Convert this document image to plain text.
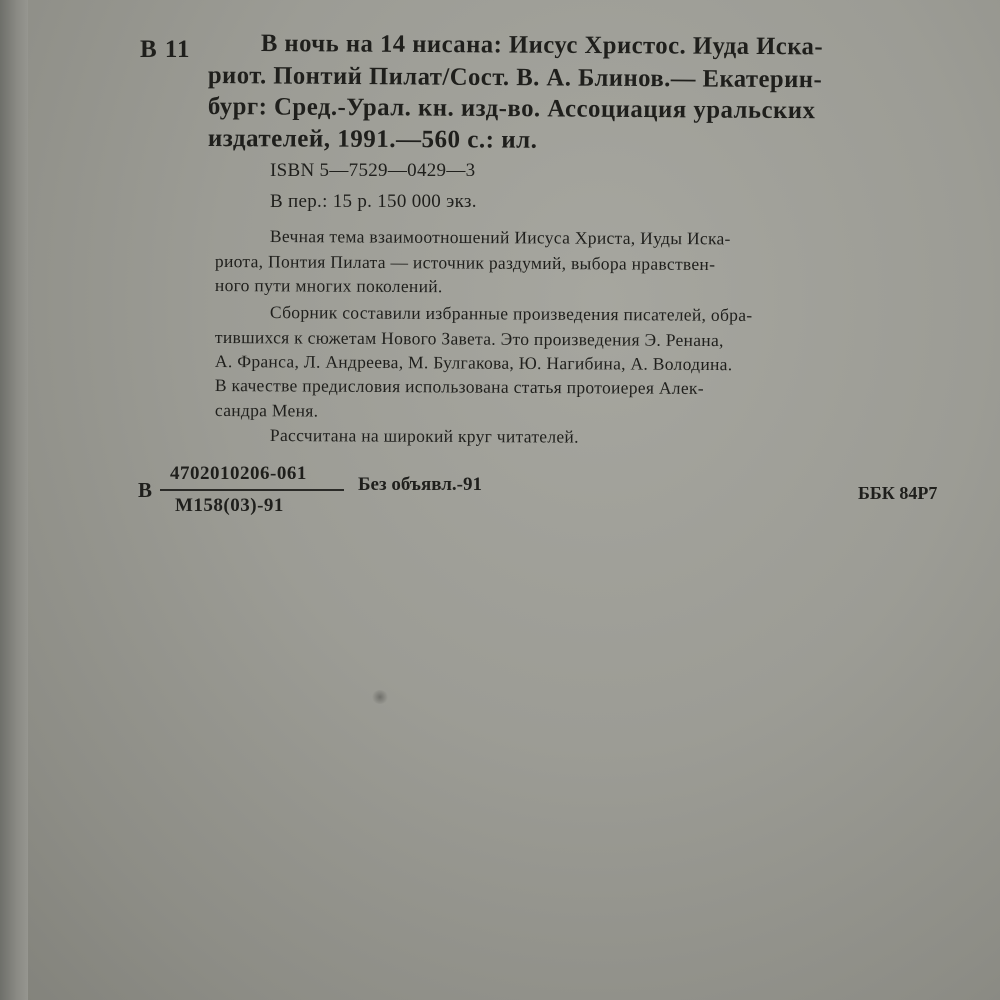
В 11	В ночь на 14 нисана: Иисус Христос. Иуда Иска-
риот. Понтий Пилат/Сост. В. А. Блинов.— Екатерин-
бург: Сред.-Урал. кн. изд-во. Ассоциация уральских
издателей, 1991.—560 с.: ил.
ISBN 5—7529—0429—3
В пер.: 15 р. 150 000 экз.
Вечная тема взаимоотношений Иисуса Христа, Иуды Иска-
риота, Понтия Пилата — источник раздумий, выбора нравствен-
ного пути многих поколений.
Сборник составили избранные произведения писателей, обра-
тившихся к сюжетам Нового Завета. Это произведения Э. Ренана,
А. Франса, Л. Андреева, М. Булгакова, Ю. Нагибина, А. Володина.
В качестве предисловия использована статья протоиерея Алек-
сандра Меня.
Рассчитана на широкий круг читателей.
В
4702010206-061
М158(03)-91
Без объявл.-91	ББК 84Р7
